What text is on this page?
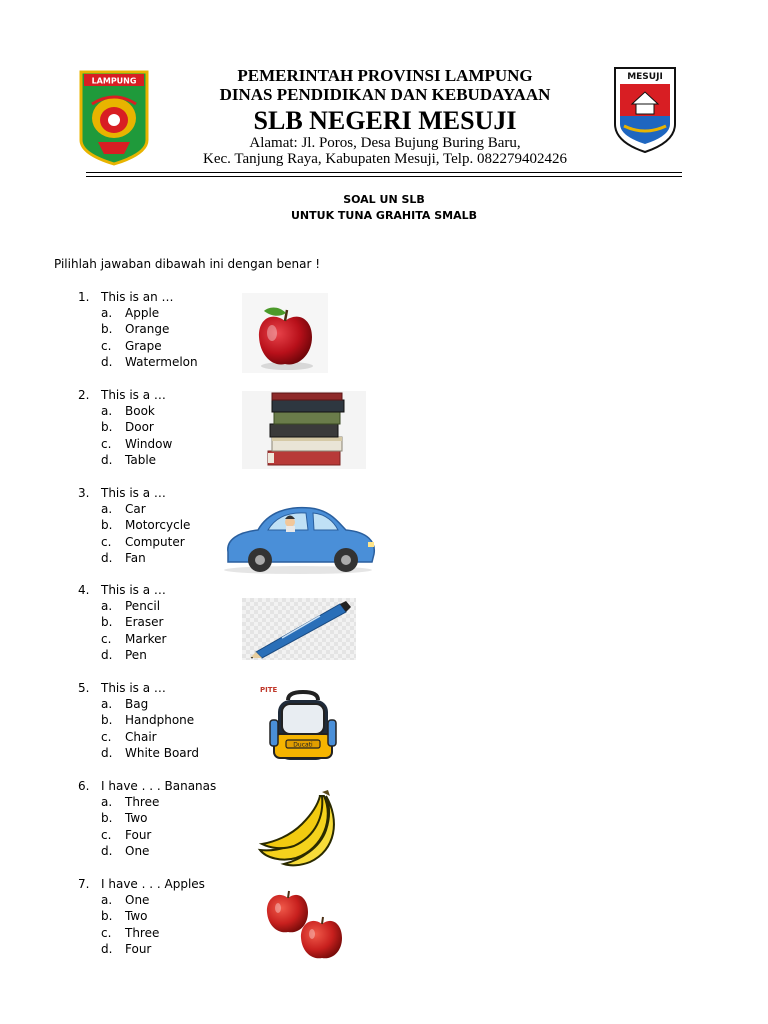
LAMPUNG	MESUJI
PEMERINTAH PROVINSI LAMPUNG
DINAS PENDIDIKAN DAN KEBUDAYAAN
SLB NEGERI MESUJI
Alamat: Jl. Poros, Desa Bujung Buring Baru,
Kec. Tanjung Raya, Kabupaten Mesuji, Telp. 082279402426
SOAL UN SLB
UNTUK TUNA GRAHITA SMALB
Pilihlah jawaban dibawah ini dengan benar !
1. This is an …
a.	Apple
b.	Orange
c.	Grape
d.	Watermelon
2. This is a …
a.	Book
b.	Door
c.	Window
d.	Table
3. This is a …
a.	Car
b.	Motorcycle
c.	Computer
d.	Fan
4. This is a …
a.	Pencil
b.	Eraser
c.	Marker
d.	Pen
5. This is a …
a.	Bag
b.	Handphone
c.	Chair
d.	White Board
6. I have . . . Bananas
a.	Three
b.	Two
c.	Four
d.	One
7. I have . . . Apples
a.	One
b.	Two
c.	Three
d.	Four
PITE
Ducati
